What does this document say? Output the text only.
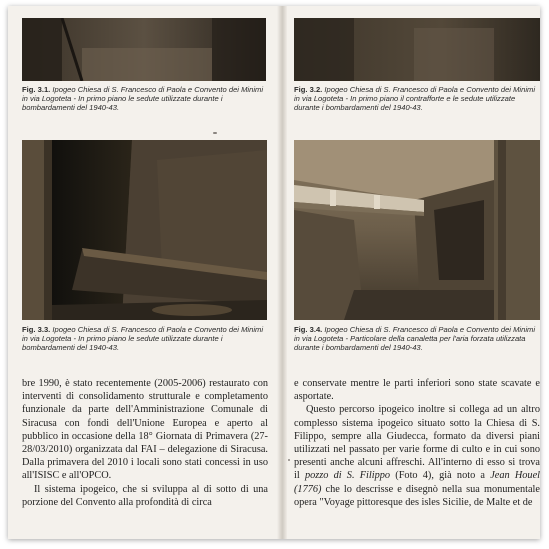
Fig. 3.1. Ipogeo Chiesa di S. Francesco di Paola e Convento dei Minimi in via Logoteta - In primo piano le sedute utilizzate durante i bombardamenti del 1940-43.
Fig. 3.2. Ipogeo Chiesa di S. Francesco di Paola e Convento dei Minimi in via Logoteta - In primo piano il contrafforte e le sedute utilizzate durante i bombardamenti del 1940-43.
Fig. 3.3. Ipogeo Chiesa di S. Francesco di Paola e Convento dei Minimi in via Logoteta - In primo piano le sedute utilizzate durante i bombardamenti del 1940-43.
Fig. 3.4. Ipogeo Chiesa di S. Francesco di Paola e Convento dei Minimi in via Logoteta - Particolare della canaletta per l'aria forzata utilizzata durante i bombardamenti del 1940-43.

bre 1990, è stato recentemente (2005-2006) restaurato con interventi di consolidamento strutturale e completamento funzionale da parte dell'Amministrazione Comunale di Siracusa con fondi dell'Unione Europea e aperto al pubblico in occasione della 18° Giornata di Primavera (27-28/03/2010) organizzata dal FAI – delegazione di Siracusa. Dalla primavera del 2010 i locali sono stati concessi in uso all'ISISC e all'OPCO.

Il sistema ipogeico, che si sviluppa al di sotto di una porzione del Convento alla profondità di circa

e conservate mentre le parti inferiori sono state scavate e asportate.

Questo percorso ipogeico inoltre si collega ad un altro complesso sistema ipogeico situato sotto la Chiesa di S. Filippo, sempre alla Giudecca, formato da diversi piani utilizzati nel passato per varie forme di culto e in cui sono presenti anche alcuni affreschi. All'interno di esso si trova il pozzo di S. Filippo (Foto 4), già noto a Jean Houel (1776) che lo descrisse e disegnò nella sua monumentale opera "Voyage pittoresque des isles Sicilie, de Malte et de
